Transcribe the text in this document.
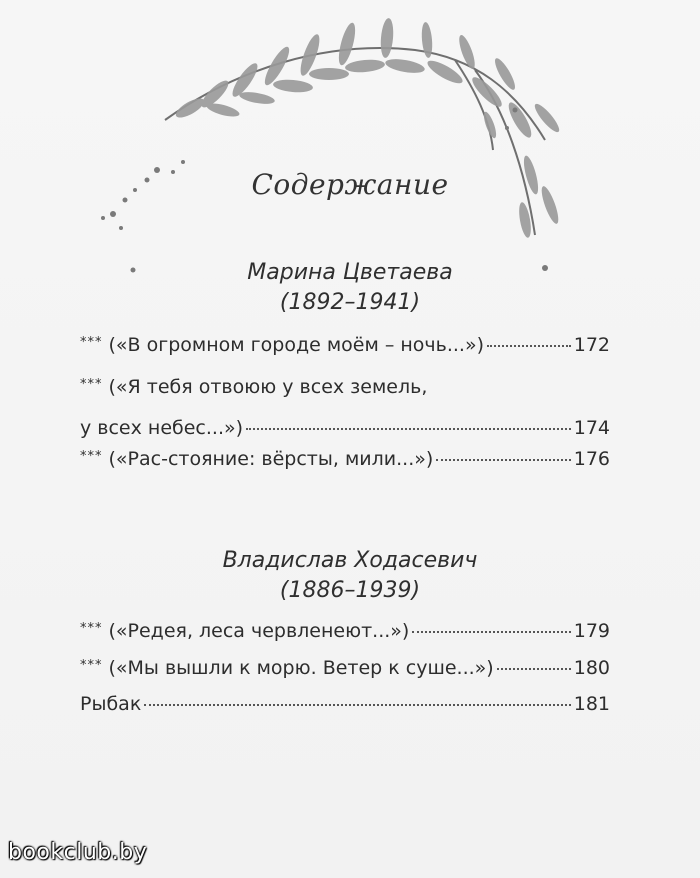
Содержание
Марина Цветаева
(1892–1941)
*** («В огромном городе моём – ночь...»)	172
*** («Я тебя отвоюю у всех земель,
у всех небес...»)	174
*** («Рас-стояние: вёрсты, мили...»)	176
Владислав Ходасевич
(1886–1939)
*** («Редея, леса червленеют...»)	179
*** («Мы вышли к морю. Ветер к суше...»)	180
Рыбак	181
bookclub.by
